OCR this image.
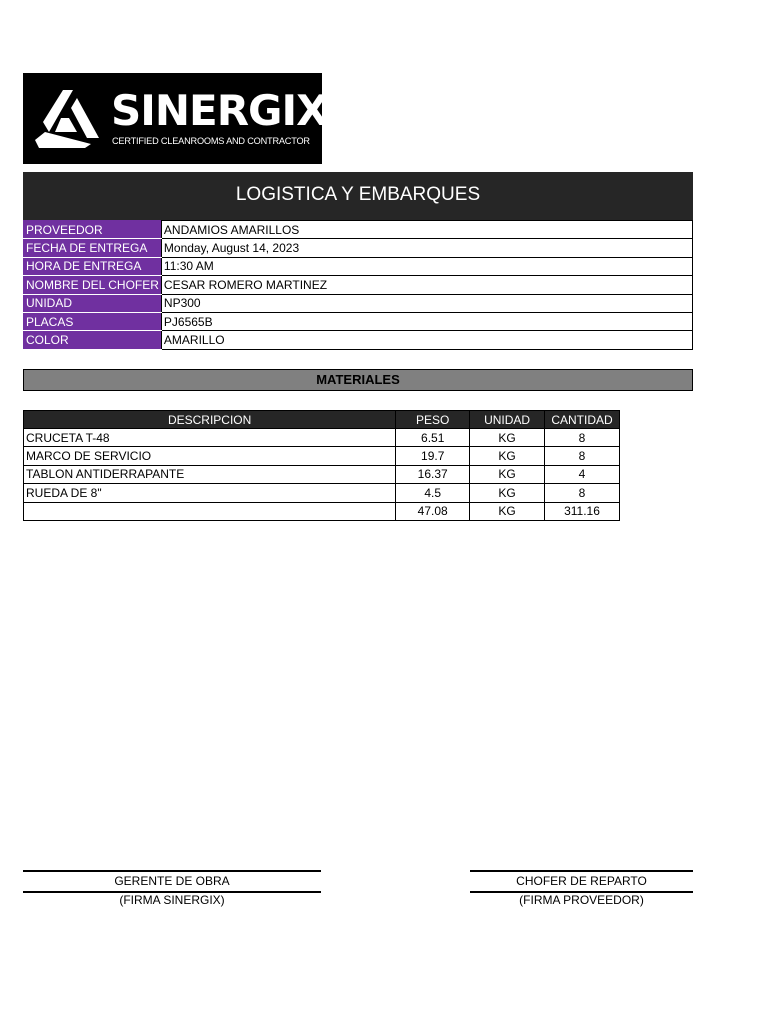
SINERGIX
CERTIFIED CLEANROOMS AND CONTRACTOR
LOGISTICA Y EMBARQUES
PROVEEDOR	ANDAMIOS AMARILLOS
FECHA DE ENTREGA	Monday, August 14, 2023
HORA DE ENTREGA	11:30 AM
NOMBRE DEL CHOFER	CESAR ROMERO MARTINEZ
UNIDAD	NP300
PLACAS	PJ6565B
COLOR	AMARILLO
MATERIALES
DESCRIPCION	PESO	UNIDAD	CANTIDAD
CRUCETA T-48	6.51	KG	8
MARCO DE SERVICIO	19.7	KG	8
TABLON ANTIDERRAPANTE	16.37	KG	4
RUEDA DE 8"	4.5	KG	8
	47.08	KG	311.16
GERENTE DE OBRA
(FIRMA SINERGIX)
CHOFER DE REPARTO
(FIRMA PROVEEDOR)
